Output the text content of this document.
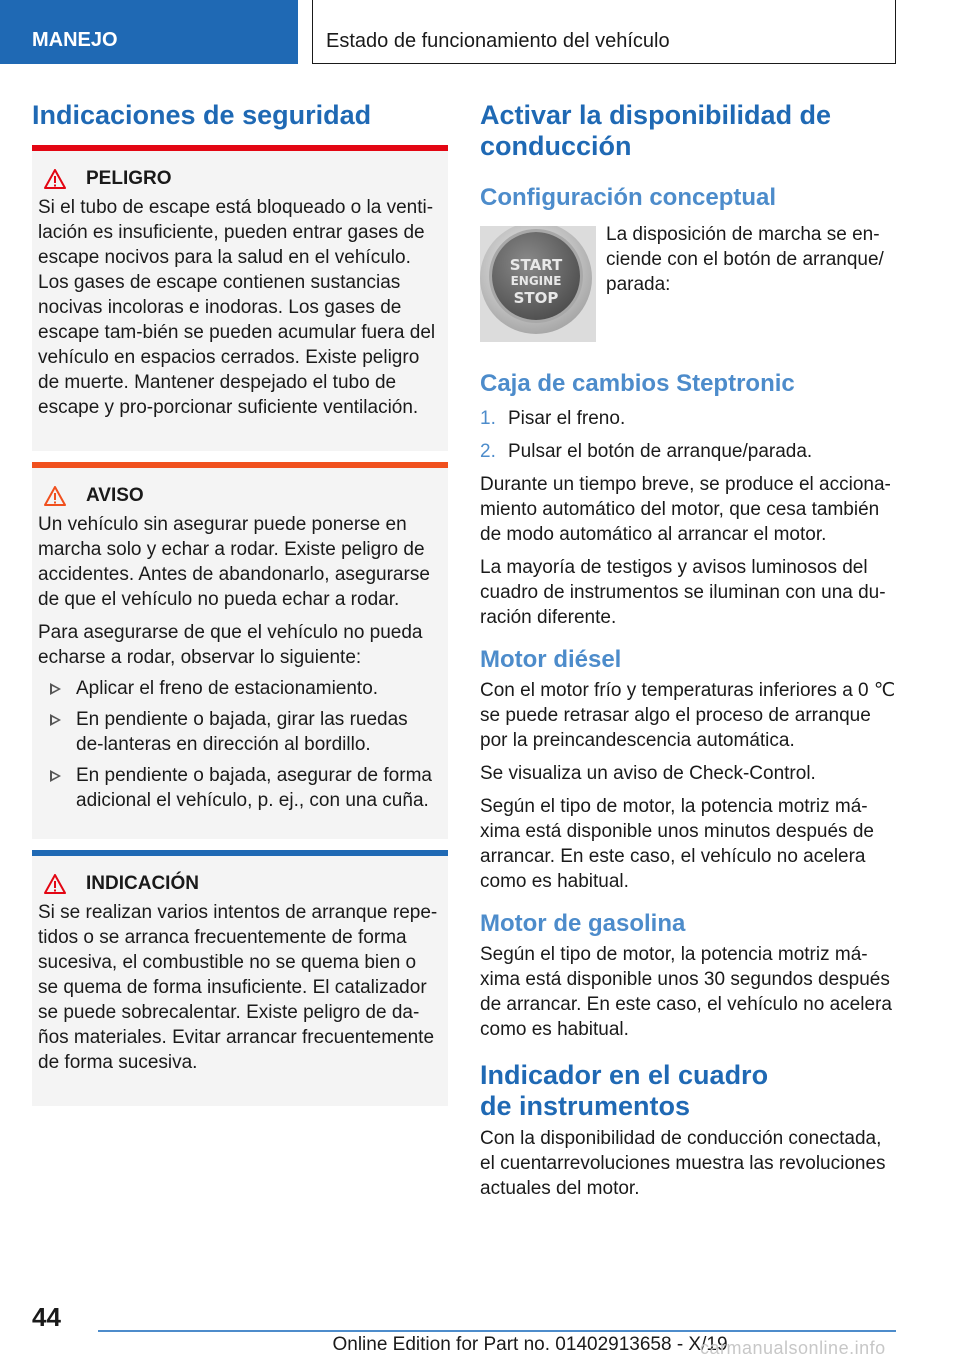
MANEJO	Estado de funcionamiento del vehículo
Indicaciones de seguridad
PELIGRO

Si el tubo de escape está bloqueado o la venti-lación es insuficiente, pueden entrar gases de escape nocivos para la salud en el vehículo. Los gases de escape contienen sustancias nocivas incoloras e inodoras. Los gases de escape tam-bién se pueden acumular fuera del vehículo en espacios cerrados. Existe peligro de muerte. Mantener despejado el tubo de escape y pro-porcionar suficiente ventilación.

AVISO

Un vehículo sin asegurar puede ponerse en marcha solo y echar a rodar. Existe peligro de accidentes. Antes de abandonarlo, asegurarse de que el vehículo no pueda echar a rodar.

Para asegurarse de que el vehículo no pueda echarse a rodar, observar lo siguiente:

Aplicar el freno de estacionamiento.
En pendiente o bajada, girar las ruedas de-lanteras en dirección al bordillo.
En pendiente o bajada, asegurar de forma adicional el vehículo, p. ej., con una cuña.
INDICACIÓN

Si se realizan varios intentos de arranque repe-tidos o se arranca frecuentemente de forma sucesiva, el combustible no se quema bien o se quema de forma insuficiente. El catalizador se puede sobrecalentar. Existe peligro de da-ños materiales. Evitar arrancar frecuentemente de forma sucesiva.

Activar la disponibilidad de conducción
Configuración conceptual
START
ENGINE
STOP
La disposición de marcha se en-ciende con el botón de arranque/ parada:
Caja de cambios Steptronic
1. Pisar el freno.
2. Pulsar el botón de arranque/parada.

Durante un tiempo breve, se produce el acciona-miento automático del motor, que cesa también de modo automático al arrancar el motor.

La mayoría de testigos y avisos luminosos del cuadro de instrumentos se iluminan con una du-ración diferente.

Motor diésel

Con el motor frío y temperaturas inferiores a 0 ℃ se puede retrasar algo el proceso de arranque por la preincandescencia automática.

Se visualiza un aviso de Check-Control.

Según el tipo de motor, la potencia motriz má-xima está disponible unos minutos después de arrancar. En este caso, el vehículo no acelera como es habitual.

Motor de gasolina

Según el tipo de motor, la potencia motriz má-xima está disponible unos 30 segundos después de arrancar. En este caso, el vehículo no acelera como es habitual.

Indicador en el cuadro
de instrumentos

Con la disponibilidad de conducción conectada, el cuentarrevoluciones muestra las revoluciones actuales del motor.

44
Online Edition for Part no. 01402913658 - X/19
carmanualsonline.info
